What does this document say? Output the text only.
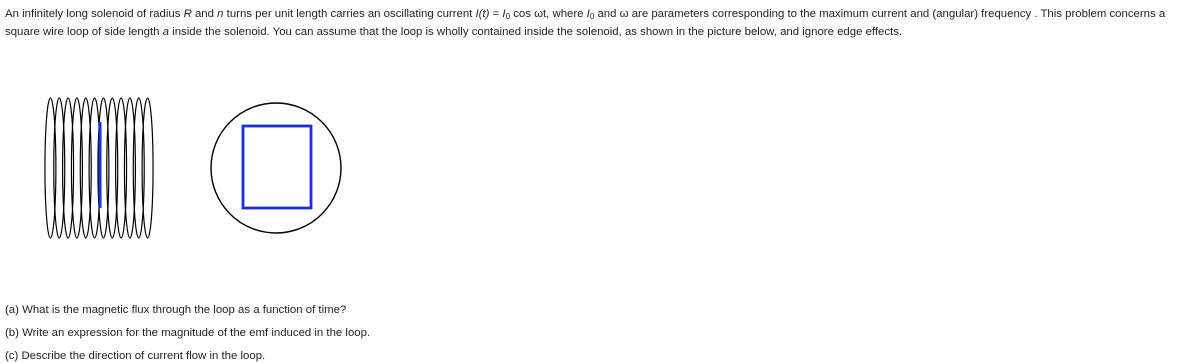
An infinitely long solenoid of radius R and n turns per unit length carries an oscillating current $I(t) = I_0$ cos ωt, where $I_0$ and ω are parameters corresponding to the maximum current and (angular) frequency . This problem concerns a square wire loop of side length a inside the solenoid. You can assume that the loop is wholly contained inside the solenoid, as shown in the picture below, and ignore edge effects.

(a) What is the magnetic flux through the loop as a function of time?

(b) Write an expression for the magnitude of the emf induced in the loop.

(c) Describe the direction of current flow in the loop.
